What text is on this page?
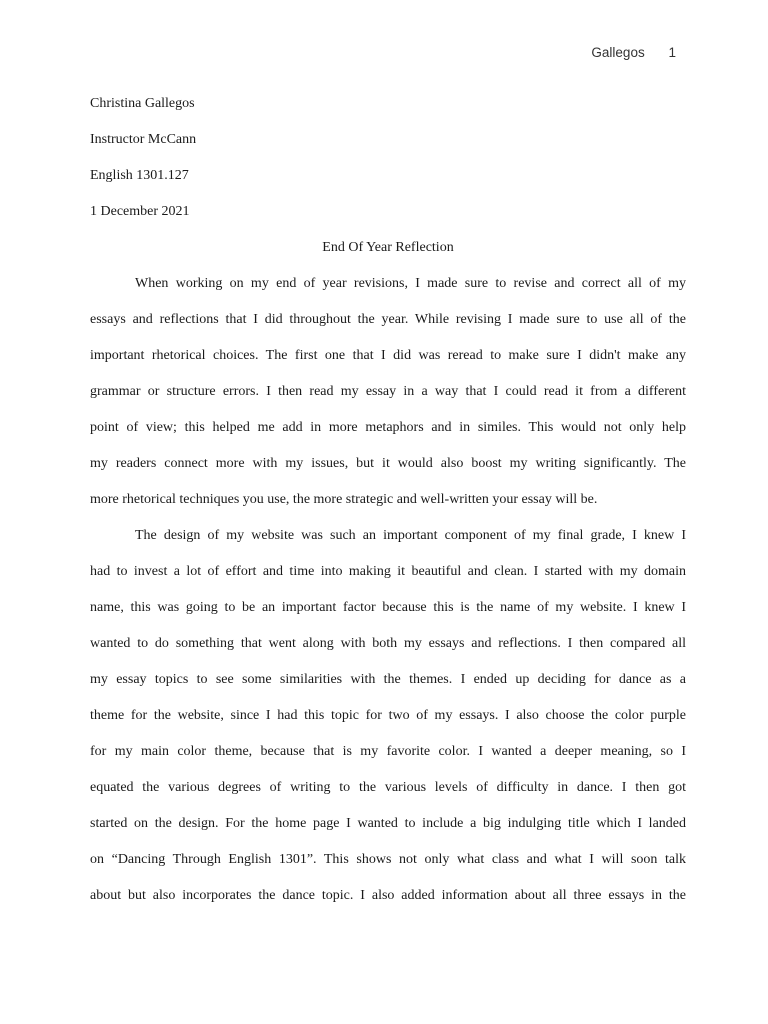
Gallegos 1
Christina Gallegos
Instructor McCann
English 1301.127
1 December 2021
End Of Year Reflection

When working on my end of year revisions, I made sure to revise and correct all of my
essays and reflections that I did throughout the year. While revising I made sure to use all of the
important rhetorical choices. The first one that I did was reread to make sure I didn't make any
grammar or structure errors. I then read my essay in a way that I could read it from a different
point of view; this helped me add in more metaphors and in similes. This would not only help
my readers connect more with my issues, but it would also boost my writing significantly. The
more rhetorical techniques you use, the more strategic and well-written your essay will be.

The design of my website was such an important component of my final grade, I knew I
had to invest a lot of effort and time into making it beautiful and clean. I started with my domain
name, this was going to be an important factor because this is the name of my website. I knew I
wanted to do something that went along with both my essays and reflections. I then compared all
my essay topics to see some similarities with the themes. I ended up deciding for dance as a
theme for the website, since I had this topic for two of my essays. I also choose the color purple
for my main color theme, because that is my favorite color. I wanted a deeper meaning, so I
equated the various degrees of writing to the various levels of difficulty in dance. I then got
started on the design. For the home page I wanted to include a big indulging title which I landed
on “Dancing Through English 1301”. This shows not only what class and what I will soon talk
about but also incorporates the dance topic. I also added information about all three essays in the
